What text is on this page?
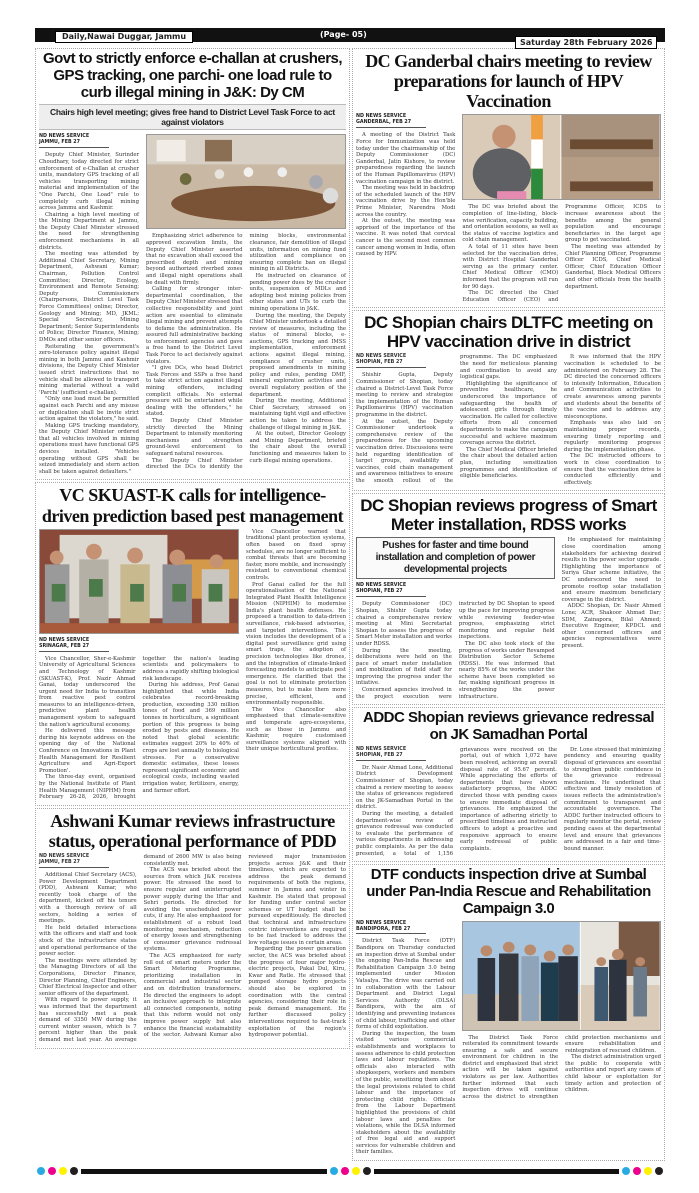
Daily,Nawai Duggar, Jammu	(Page- 05)
Saturday 28th February 2026
Govt to strictly enforce e-challan at crushers, GPS tracking, one parchi- one load rule to curb illegal mining in J&K: Dy CM
Chairs high level meeting; gives free hand to District Level Task Force to act against violators
ND NEWS SERVICE
JAMMU, FEB 27

Deputy Chief Minister, Surinder Choudhary, today directed for strict enforcement of e-Challan at crusher units, mandatory GPS tracking of all vehicles transporting mining material and implementation of the "One Parchi, One Load" rule to completely curb illegal mining across Jammu and Kashmir.

Chairing a high level meeting of the Mining Department at Jammu, the Deputy Chief Minister stressed the need for strengthening enforcement mechanisms in all districts.

The meeting was attended by Additional Chief Secretary, Mining Department, Ashwani Kumar; Chairman, Pollution Control Committee; Director, Ecology, Environment and Remote Sensing; Deputy Commissioners (Chairpersons, District Level Task Force Committees) online; Director, Geology and Mining; MD, JKML; Special Secretary, Mining Department; Senior Superintendents of Police; Director Finance, Mining; DMOs and other senior officers.

Reiterating the government's zero-tolerance policy against illegal mining in both Jammu and Kashmir divisions, the Deputy Chief Minister issued strict instructions that no vehicle shall be allowed to transport mining material without a valid 'Parchi' (sufficient e-challan).

"Only one load must be permitted against each Parchi and any misuse or duplication shall be invite strict action against the violators," he said.

Making GPS tracking mandatory, the Deputy Chief Minister ordered that all vehicles involved in mining operations must have functional GPS devices installed. "Vehicles operating without GPS shall be seized immediately and stern action shall be taken against defaulters."

Emphasizing strict adherence to approved excavation limits, the Deputy Chief Minister asserted that no excavation shall exceed the prescribed depth and mining beyond authorized riverbed zones and illegal night operations shall be dealt with firmly.

Calling for stronger inter-departmental coordination, the Deputy Chief Minister stressed that collective responsibility and joint action are essential to eliminate illegal mining and prevent attempts to defame the administration. He assured full administrative backing to enforcement agencies and gave a free hand to the District Level Task Force to act decisively against violators.

"I give DCs, who head District Task Forces and SSPs a free hand to take strict action against illegal mining offenders, including complicit officials. No external pressure will be entertained while dealing with the offenders," he stated.

The Deputy Chief Minister strictly directed the Mining Department to intensify monitoring mechanisms and strengthen ground-level enforcement to safeguard natural resources.

The Deputy Chief Minister directed the DCs to identify the mining blocks, environmental clearance, fair demolition of illegal units, information on mining fund utilization and compliance on ensuring complete ban on illegal mining in all Districts.

He instructed on clearance of pending power dues by the crusher units, suspension of MDLs and adopting best mining policies from other states and UTs to curb the mining operations in J&K.

During the meeting, the Deputy Chief Minister undertook a detailed review of measures, including the status of mineral blocks, e-auctions, GPS tracking and IMSS implementation, enforcement actions against illegal mining, compliance of crusher units, proposed amendments in mining policy and rules, pending DMF, mineral exploration activities and overall regulatory position of the department.

During the meeting, Additional Chief Secretary, stressed on maintaining tight vigil and effective action be taken to address the challenge of illegal mining in J&K.

At the outset, Director Geology and Mining Department, briefed the chair about the overall functioning and measures taken to curb illegal mining operations.

VC SKUAST-K calls for intelligence-driven prediction based pest management
ND NEWS SERVICE
SRINAGAR, FEB 27

Vice Chancellor, Sher-e-Kashmir University of Agricultural Sciences and Technology of Kashmir (SKUAST-K), Prof. Nazir Ahmad Ganai, today underscored the urgent need for India to transition from reactive pest control measures to an intelligence-driven, predictive plant health management system to safeguard the nation's agricultural economy.

He delivered this message during his keynote address on the opening day of the National Conference on Innovations in Plant Health Management for Resilient Agriculture and Agri-Export Promotion'.

The three-day event, organised by the National Institute of Plant Health Management (NIPHM) from February 26-28, 2026, brought together the nation's leading scientists and policymakers to address a rapidly shifting biological risk landscape.

During his address, Prof Ganai highlighted that while India celebrates record-breaking production, exceeding 330 million tones of food and 369 million tonnes in horticulture, a significant portion of this progress is being eroded by pests and diseases. He noted that global scientific estimates suggest 20% to 40% of crops are lost annually to biological stresses. For a conservative domestic estimates, these losses represent significant economic and ecological costs, including wasted irrigation water, fertilizers, energy, and farmer effort.

Vice Chancellor warned that traditional plant protection systems, often based on fixed spray schedules, are no longer sufficient to combat threats that are becoming faster, more mobile, and increasingly resistant to conventional chemical controls.

Prof Ganai called for the full operationalisation of the National Integrated Plant Health Intelligence Mission (NIPHIM) to modernise India's plant health defenses. He proposed a transition to data-driven surveillance, risk-based advisories, and targeted interventions. This vision includes the development of a digital pest surveillance grid using smart traps, the adoption of precision technologies like drones, and the integration of climate-linked forecasting models to anticipate pest emergence. He clarified that the goal is not to eliminate protection measures, but to make them more precise, efficient, and environmentally responsible.

The Vice Chancellor also emphasised that climate-sensitive and temperate agro-ecosystems, such as those in Jammu and Kashmir, require customised surveillance systems aligned with their unique horticultural profiles.

Ashwani Kumar reviews infrastructure status, operational performance of PDD
ND NEWS SERVICE
JAMMU, FEB 27

Additional Chief Secretary (ACS), Power Development Department (PDD), Ashwani Kumar, who recently took charge of the department, kicked off his tenure with a thorough review of all sectors, holding a series of meetings.

He held detailed interactions with the officers and staff and took stock of the infrastructure status and operational performance of the power sector.

The meetings were attended by the Managing Directors of all the Corporations, Director Finance, Director Planning, Chief Engineers, Chief Electrical Inspector and other senior officers of the department.

With regard to power supply, it was informed that the department has successfully met a peak demand of 3350 MW during the current winter season, which is 7 percent higher than the peak demand met last year. An average demand of 2600 MW is also being consistently met.

The ACS was briefed about the sources from which J&K receives power. He stressed the need to ensure regular and uninterrupted power supply during the Iftar and Sehri periods. He directed for avoiding the unscheduled power cuts, if any. He also emphasized for establishment of a robust load monitoring mechanism, reduction of energy losses and strengthening of consumer grievance redressal systems.

The ACS emphasized for early roll out of smart meters under the Smart Metering Programme, prioritizing installation in commercial and industrial sector and on distribution transformers. He directed the engineers to adopt an inclusive approach to integrate all connected components, noting that this reform would not only improve power supply but also enhance the financial sustainability of the sector. Ashwani Kumar also reviewed major transmission projects across J&K and their timelines, which are expected to address the peak demand requirements of both the regions, summer in Jammu and winter in Kashmir. He stated that proposal for funding under central sector schemes or UT budget shall be pursued expeditiously. He directed that technical and infrastructure centric interventions are required to be fast tracked to address the low voltage issues in certain areas.

Regarding the power generation sector, the ACS was briefed about the progress of four major hydro-electric projects, Pakal Dul, Kiru, Kwar and Ratle. He stressed that pumped storage hydro projects should also be explored in coordination with the central agencies, considering their role in peak demand management. He further discussed policy interventions required to fast-track exploitation of the region's hydropower potential.

DC Ganderbal chairs meeting to review preparations for launch of HPV Vaccination
ND NEWS SERVICE
GANDERBAL, FEB 27

A meeting of the District Task Force for Immunization was held today under the chairmanship of the Deputy Commissioner (DC) Ganderbal, Jatin Kishore, to review preparedness regarding the launch of the Human Papillomavirus (HPV) vaccination campaign in the district.

The meeting was held in backdrop of the scheduled launch of the HPV vaccination drive by the Hon'ble Prime Minister, Narendra Modi across the country.

At the outset, the meeting was apprised of the importance of the vaccine. It was noted that cervical cancer is the second most common cancer among women in India, often caused by HPV.

The DC was briefed about the completion of line-listing, block-wise verification, capacity building, and orientation sessions, as well as the status of vaccine logistics and cold chain management.

A total of 11 sites have been selected for the vaccination drive, with District Hospital Ganderbal serving as the primary center. Chief Medical Officer (CMO) informed that the program will run for 90 days.

The DC directed the Chief Education Officer (CEO) and Programme Officer, ICDS to increase awareness about the benefits among the general population and encourage beneficiaries in the target age group to get vaccinated.

The meeting was attended by Chief Planning Officer, Programme Officer ICDS, Chief Medical Officer, Chief Education Officer Ganderbal, Block Medical Officers and other officials from the health department.

DC Shopian chairs DLTFC meeting on HPV vaccination drive in district
ND NEWS SERVICE
SHOPIAN, FEB 27

Shishir Gupta, Deputy Commissioner of Shopian, today chaired a District-Level Task Force meeting to review and strategize the implementation of the Human Papillomavirus (HPV) vaccination programme in the district.

At the outset, the Deputy Commissioner undertook a comprehensive review of the preparedness for the upcoming vaccination drive. Discussions were held regarding identification of target groups, availability of vaccines, cold chain management and awareness initiatives to ensure the smooth rollout of the programme. The DC emphasized the need for meticulous planning and coordination to avoid any logistical gaps.

Highlighting the significance of preventive healthcare, he underscored the importance of safeguarding the health of adolescent girls through timely vaccination. He called for collective efforts from all concerned departments to make the campaign successful and achieve maximum coverage across the district.

The Chief Medical Officer briefed the chair about the detailed action plan, including sensitization programmes and identification of eligible beneficiaries.

It was informed that the HPV vaccination is scheduled to be administered on February 28. The DC directed the concerned officers to intensify Information, Education and Communication activities to create awareness among parents and students about the benefits of the vaccine and to address any misconceptions.

Emphasis was also laid on maintaining proper records, ensuring timely reporting and regularly monitoring progress during the implementation phase.

The DC instructed officers to work in close coordination to ensure that the vaccination drive is conducted efficiently and effectively.

DC Shopian reviews progress of Smart Meter installation, RDSS works
Pushes for faster and time bound installation and completion of power developmental projects
ND NEWS SERVICE
SHOPIAN, FEB 27

Deputy Commissioner (DC) Shopian, Shishir Gupta today chaired a comprehensive review meeting at Mini Secretariat Shopian to assess the progress of Smart Meter installation and works under RDSS.

During the meeting, deliberations were held on the pace of smart meter installation and mobilization of field staff for improving the progress under the intiative.

Concerned agencies involved in the project execution were instructed by DC Shopian to speed up the pace for improving progress while reviewing feeder-wise progress, emphasizing strict monitoring and regular field inspections.

The DC also took stock of the progress of works under Revamped Distribution Sector Scheme (RDSS). He was informed that nearly 85% of the works under the scheme have been completed so far, making significant progress in strengthening the power infrastructure.

He emphasised for maintaining close coordination among stakeholders for achieving desired results in the power sector upgrade. Highlighting the importance of Suriya Ghar scheme initiative, the DC underscored the need to promote rooftop solar installation and ensure maximum beneficiary coverage in the district.

ADDC Shopian, Dr. Nasir Ahmed Lone; ACR, Shakoor Ahmad Dar; SDM, Zainapora, Bilal Ahmed; Executive Engineer, KPDCL and other concerned officers and agencies representatives were present.

ADDC Shopian reviews grievance redressal on JK Samadhan Portal
ND NEWS SERVICE
SHOPIAN, FEB 27

Dr. Nasir Ahmad Lone, Additional District Development Commissioner of Shopian, today chaired a review meeting to assess the status of grievances registered on the JK-Samadhan Portal in the district.

During the meeting, a detailed department-wise review of grievance redressal was conducted to evaluate the performance of various departments in addressing public complaints. As per the data presented, a total of 1,156 grievances were received on the portal, out of which 1,072 have been resolved, achieving an overall disposal rate of 95.67 percent. While appreciating the efforts of departments that have shown satisfactory progress, the ADDC directed those with pending cases to ensure immediate disposal of grievances. He emphasized the importance of adhering strictly to prescribed timelines and instructed officers to adopt a proactive and responsive approach to ensure early redressal of public complaints.

Dr. Lone stressed that minimizing pendency and ensuring quality disposal of grievances are essential to strengthen public confidence in the grievance redressal mechanism. He underlined that effective and timely resolution of issues reflects the administration's commitment to transparent and accountable governance. The ADDC further instructed officers to regularly monitor the portal, review pending cases at the departmental level and ensure that grievances are addressed in a fair and time-bound manner.

DTF conducts inspection drive at Sumbal under Pan-India Rescue and Rehabilitation Campaign 3.0
ND NEWS SERVICE
BANDIPORA, FEB 27

District Task Force (DTF) Bandipora on Thursday conducted an inspection drive at Sumbal under the ongoing Pan-India Rescue and Rehabilitation Campaign 3.0 being implemented under Mission Vatsalya. The drive was carried out in collaboration with the Labour Department and District Legal Services Authority (DLSA) Bandipora, with the aim of identifying and preventing instances of child labour, trafficking and other forms of child exploitation.

During the inspection, the team visited various commercial establishments and workplaces to assess adherence to child protection laws and labour regulations. The officials also interacted with shopkeepers, workers and members of the public, sensitizing them about the legal provisions related to child labour and the importance of protecting child rights. Officials from the Labour Department highlighted the provisions of child labour laws and penalties for violations, while the DLSA informed stakeholders about the availability of free legal aid and support services for vulnerable children and their families.

The District Task Force reiterated its commitment towards ensuring a safe and secure environment for children in the district and emphasized that strict action will be taken against violators as per law. Authorities further informed that such inspection drives will continue across the district to strengthen child protection mechanisms and ensure rehabilitation and reintegration of rescued children.

The district administration urged the public to cooperate with authorities and report any cases of child labour or exploitation for timely action and protection of children.
